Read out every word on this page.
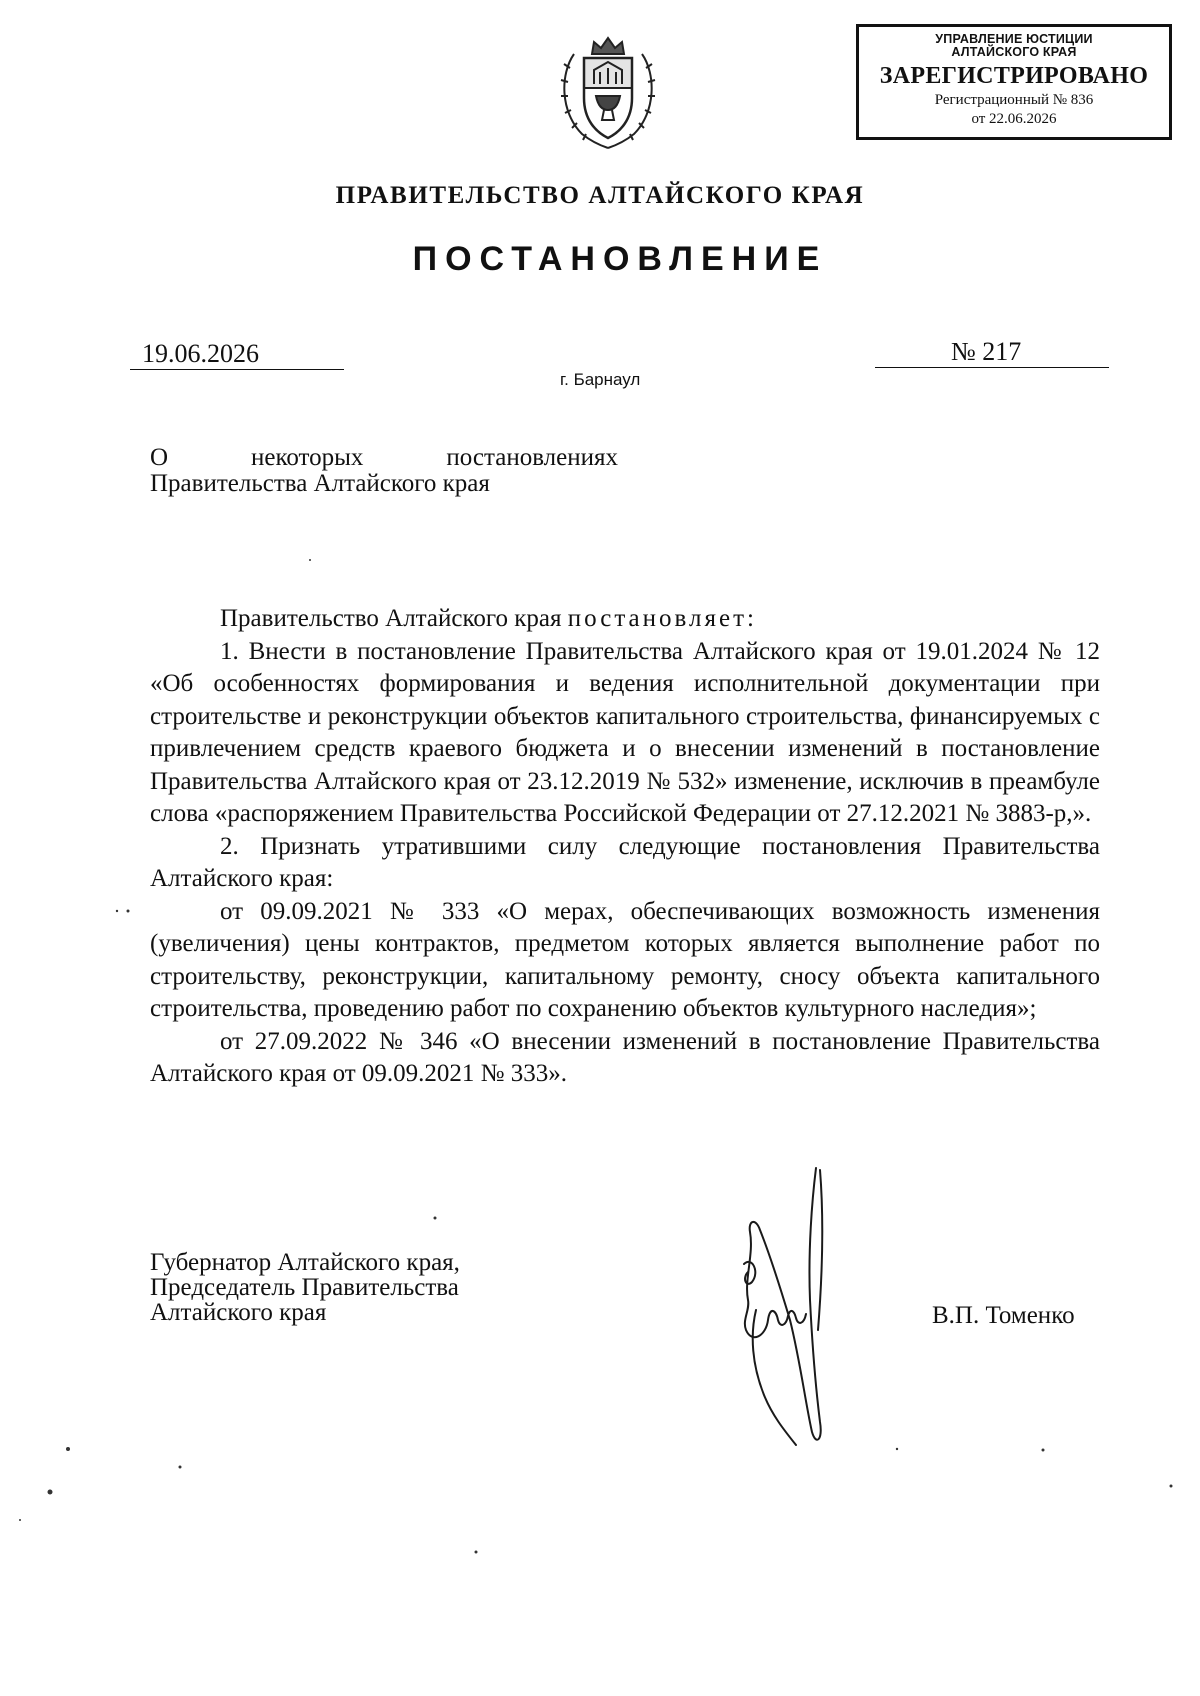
УПРАВЛЕНИЕ ЮСТИЦИИ
АЛТАЙСКОГО КРАЯ
ЗАРЕГИСТРИРОВАНО
Регистрационный № 836
от 22.06.2026
ПРАВИТЕЛЬСТВО АЛТАЙСКОГО КРАЯ
ПОСТАНОВЛЕНИЕ
19.06.2026	№ 217
г. Барнаул
О	некоторых	постановлениях
Правительства Алтайского края

Правительство Алтайского края постановляет:

1. Внести в постановление Правительства Алтайского края от 19.01.2024 № 12 «Об особенностях формирования и ведения исполнительной документации при строительстве и реконструкции объектов капитального строительства, финансируемых с привлечением средств краевого бюджета и о внесении изменений в постановление Правительства Алтайского края от 23.12.2019 № 532» изменение, исключив в преамбуле слова «распоряжением Правительства Российской Федерации от 27.12.2021 № 3883-р,».

2. Признать утратившими силу следующие постановления Правительства Алтайского края:

от 09.09.2021 № 333 «О мерах, обеспечивающих возможность изменения (увеличения) цены контрактов, предметом которых является выполнение работ по строительству, реконструкции, капитальному ремонту, сносу объекта капитального строительства, проведению работ по сохранению объектов культурного наследия»;

от 27.09.2022 № 346 «О внесении изменений в постановление Правительства Алтайского края от 09.09.2021 № 333».

Губернатор Алтайского края,
Председатель Правительства
Алтайского края	В.П. Томенко
